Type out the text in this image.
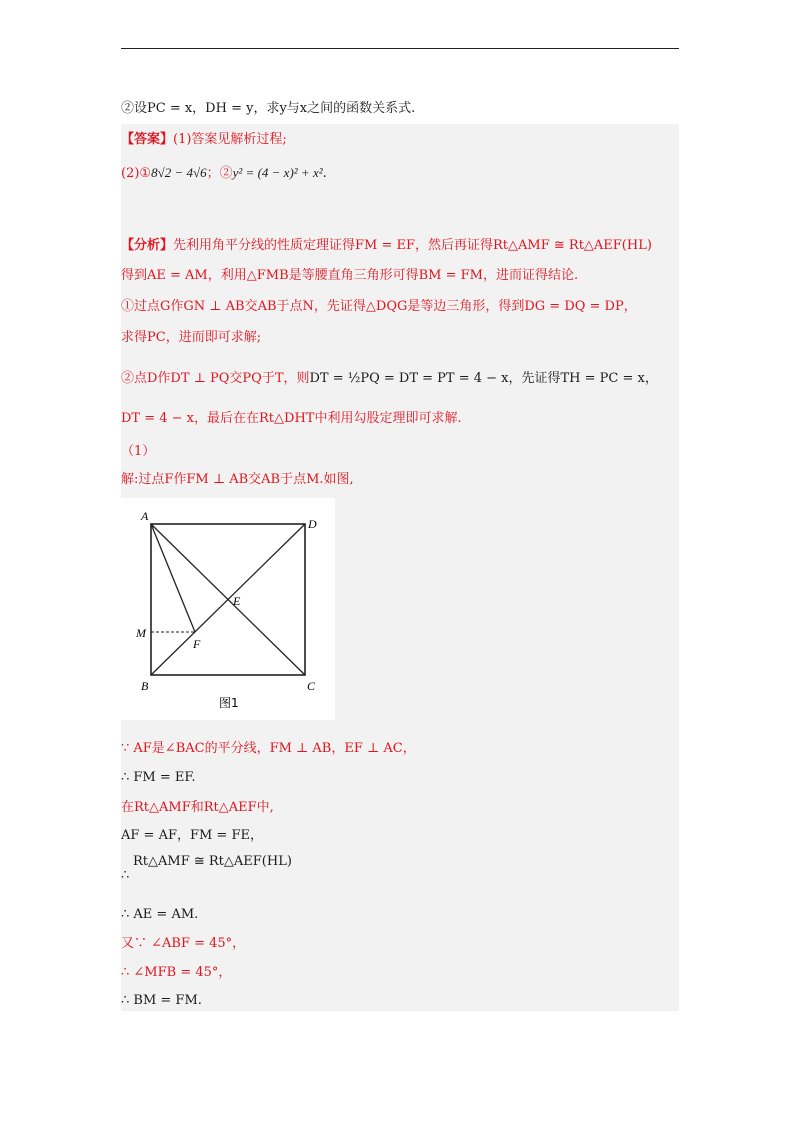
②设PC = x，DH = y，求y与x之间的函数关系式.
【答案】(1)答案见解析过程;
(2)①8√2 − 4√6；②y² = (4 − x)² + x².
【分析】先利用角平分线的性质定理证得FM = EF，然后再证得Rt△AMF ≅ Rt△AEF(HL)
得到AE = AM，利用△FMB是等腰直角三角形可得BM = FM，进而证得结论.
①过点G作GN ⊥ AB交AB于点N，先证得△DQG是等边三角形，得到DG = DQ = DP，
求得PC，进而即可求解;
②点D作DT ⊥ PQ交PQ于T，则DT = ½PQ = DT = PT = 4 − x，先证得TH = PC = x，
DT = 4 − x，最后在在Rt△DHT中利用勾股定理即可求解.
（1）
解:过点F作FM ⊥ AB交AB于点M.如图,
A
D
B	C
E
F
M
图1
∵ AF是∠BAC的平分线，FM ⊥ AB，EF ⊥ AC，
∴ FM = EF.
在Rt△AMF和Rt△AEF中,
AF = AF，FM = FE，
Rt△AMF ≅ Rt△AEF(HL)
∴
∴ AE = AM.
又∵ ∠ABF = 45°，
∴ ∠MFB = 45°，
∴ BM = FM.
